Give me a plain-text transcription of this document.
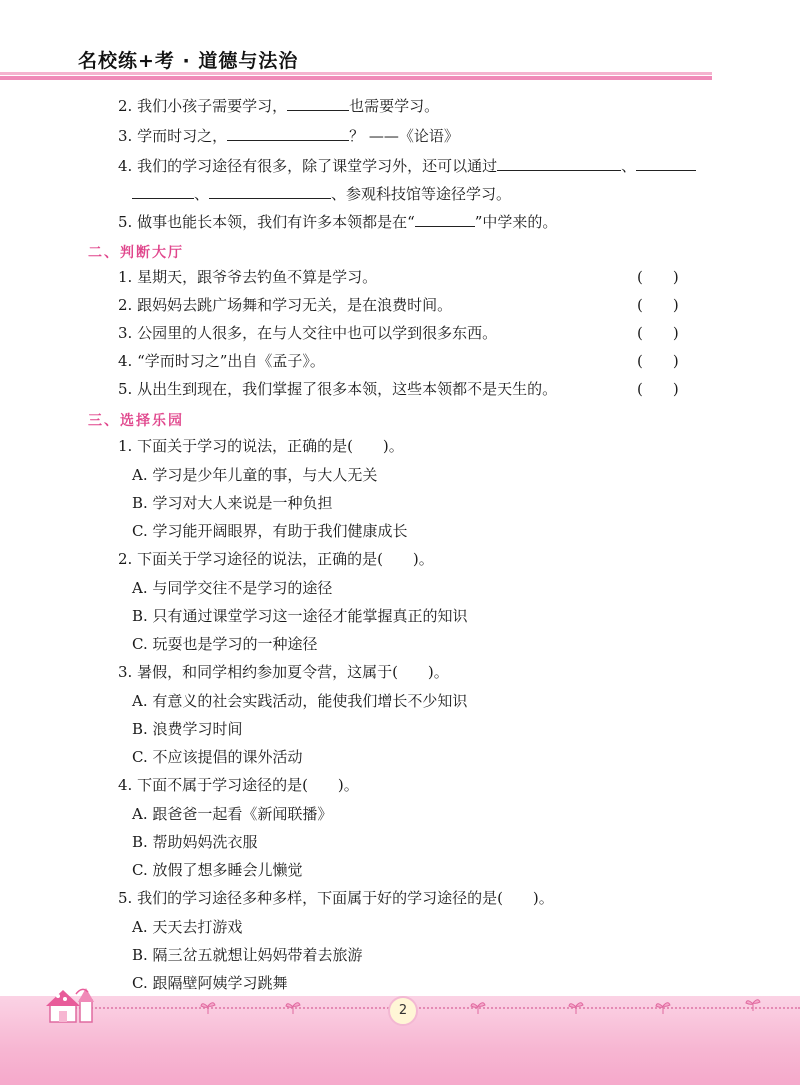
名校练+考 · 道德与法治
2. 我们小孩子需要学习，	也需要学习。
3. 学而时习之，	？ ——《论语》
4. 我们的学习途径有很多，除了课堂学习外，还可以通过	、
、	、参观科技馆等途径学习。
5. 做事也能长本领，我们有许多本领都是在“	”中学来的。
二、判断大厅
1. 星期天，跟爷爷去钓鱼不算是学习。	(　　)
2. 跟妈妈去跳广场舞和学习无关，是在浪费时间。	(　　)
3. 公园里的人很多，在与人交往中也可以学到很多东西。	(　　)
4. “学而时习之”出自《孟子》。	(　　)
5. 从出生到现在，我们掌握了很多本领，这些本领都不是天生的。	(　　)
三、选择乐园
1. 下面关于学习的说法，正确的是(　　)。
A. 学习是少年儿童的事，与大人无关
B. 学习对大人来说是一种负担
C. 学习能开阔眼界，有助于我们健康成长
2. 下面关于学习途径的说法，正确的是(　　)。
A. 与同学交往不是学习的途径
B. 只有通过课堂学习这一途径才能掌握真正的知识
C. 玩耍也是学习的一种途径
3. 暑假，和同学相约参加夏令营，这属于(　　)。
A. 有意义的社会实践活动，能使我们增长不少知识
B. 浪费学习时间
C. 不应该提倡的课外活动
4. 下面不属于学习途径的是(　　)。
A. 跟爸爸一起看《新闻联播》
B. 帮助妈妈洗衣服
C. 放假了想多睡会儿懒觉
5. 我们的学习途径多种多样，下面属于好的学习途径的是(　　)。
A. 天天去打游戏
B. 隔三岔五就想让妈妈带着去旅游
C. 跟隔壁阿姨学习跳舞
2
